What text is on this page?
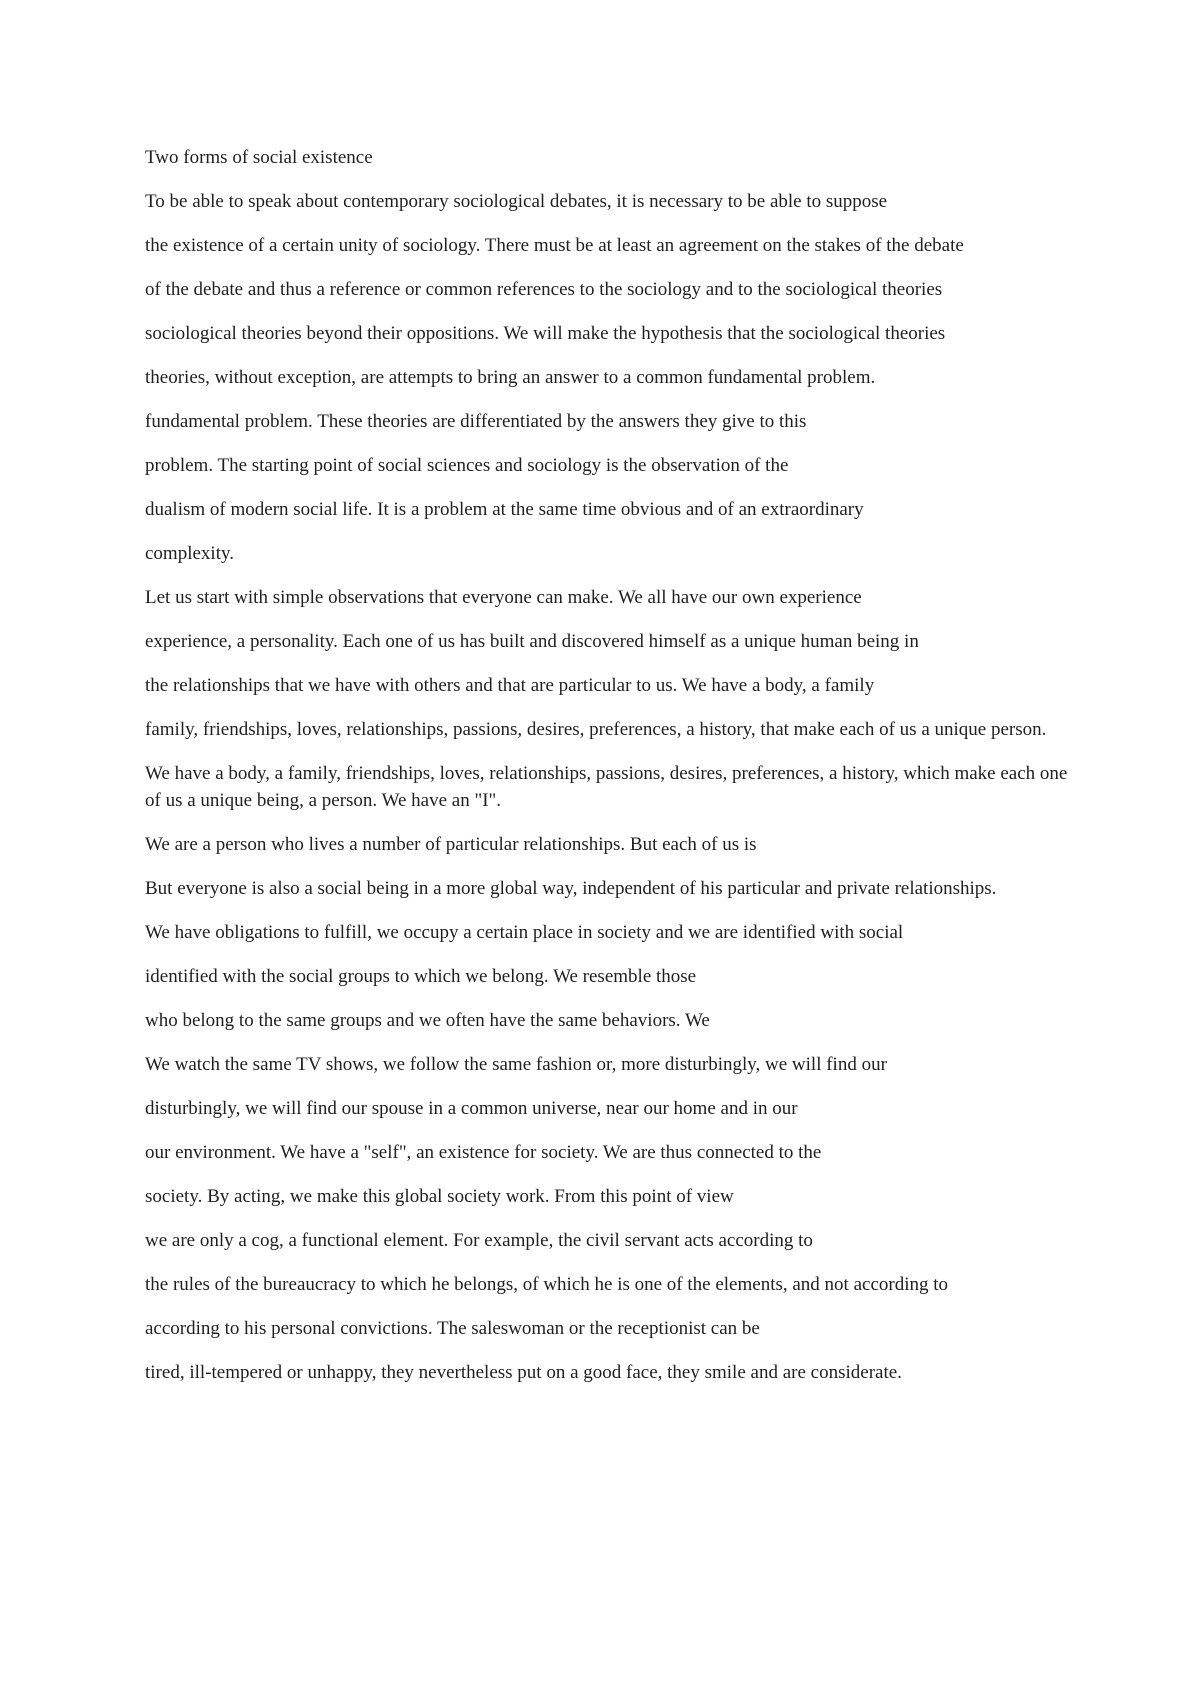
Two forms of social existence

To be able to speak about contemporary sociological debates, it is necessary to be able to suppose

the existence of a certain unity of sociology. There must be at least an agreement on the stakes of the debate

of the debate and thus a reference or common references to the sociology and to the sociological theories

sociological theories beyond their oppositions. We will make the hypothesis that the sociological theories

theories, without exception, are attempts to bring an answer to a common fundamental problem.

fundamental problem. These theories are differentiated by the answers they give to this

problem. The starting point of social sciences and sociology is the observation of the

dualism of modern social life. It is a problem at the same time obvious and of an extraordinary

complexity.

Let us start with simple observations that everyone can make. We all have our own experience

experience, a personality. Each one of us has built and discovered himself as a unique human being in

the relationships that we have with others and that are particular to us. We have a body, a family

family, friendships, loves, relationships, passions, desires, preferences, a history, that make each of us a unique person.

We have a body, a family, friendships, loves, relationships, passions, desires, preferences, a history, which make each one of us a unique being, a person. We have an "I".

We are a person who lives a number of particular relationships. But each of us is

But everyone is also a social being in a more global way, independent of his particular and private relationships.

We have obligations to fulfill, we occupy a certain place in society and we are identified with social

identified with the social groups to which we belong. We resemble those

who belong to the same groups and we often have the same behaviors. We

We watch the same TV shows, we follow the same fashion or, more disturbingly, we will find our

disturbingly, we will find our spouse in a common universe, near our home and in our

our environment. We have a "self", an existence for society. We are thus connected to the

society. By acting, we make this global society work. From this point of view

we are only a cog, a functional element. For example, the civil servant acts according to

the rules of the bureaucracy to which he belongs, of which he is one of the elements, and not according to

according to his personal convictions. The saleswoman or the receptionist can be

tired, ill-tempered or unhappy, they nevertheless put on a good face, they smile and are considerate.
